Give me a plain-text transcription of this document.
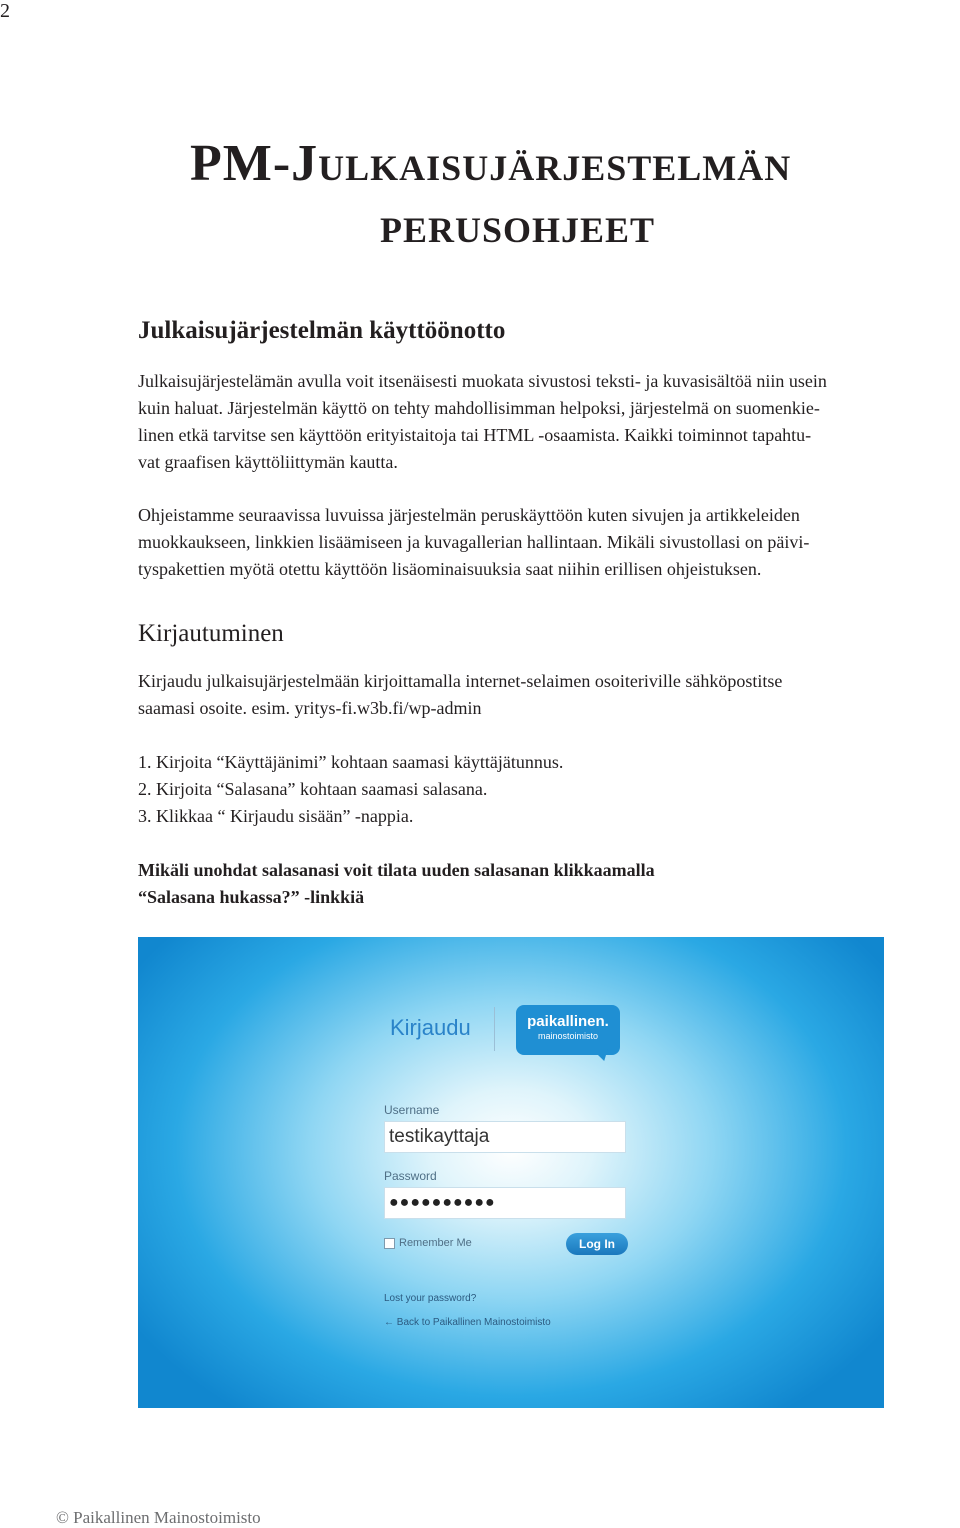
2
PM-Julkaisujärjestelmän
perusohjeet
Julkaisujärjestelmän käyttöönotto

Julkaisujärjestelämän avulla voit itsenäisesti muokata sivustosi teksti- ja kuvasisältöä niin usein
kuin haluat. Järjestelmän käyttö on tehty mahdollisimman helpoksi, järjestelmä on suomenkie-
linen etkä tarvitse sen käyttöön erityistaitoja tai HTML -osaamista. Kaikki toiminnot tapahtu-
vat graafisen käyttöliittymän kautta.

Ohjeistamme seuraavissa luvuissa järjestelmän peruskäyttöön kuten sivujen ja artikkeleiden
muokkaukseen, linkkien lisäämiseen ja kuvagallerian hallintaan. Mikäli sivustollasi on päivi-
tyspakettien myötä otettu käyttöön lisäominaisuuksia saat niihin erillisen ohjeistuksen.

Kirjautuminen

Kirjaudu julkaisujärjestelmään kirjoittamalla internet-selaimen osoiteriville sähköpostitse
saamasi osoite. esim. yritys-fi.w3b.fi/wp-admin

1. Kirjoita “Käyttäjänimi” kohtaan saamasi käyttäjätunnus.
2. Kirjoita “Salasana” kohtaan saamasi salasana.
3. Klikkaa “ Kirjaudu sisään” -nappia.
Mikäli unohdat salasanasi voit tilata uuden salasanan klikkaamalla
“Salasana hukassa?” -linkkiä
Kirjaudu	paikallinen.
mainostoimisto
Username
testikayttaja
Password
●●●●●●●●●●
Remember Me	Log In
Lost your password?
← Back to Paikallinen Mainostoimisto
© Paikallinen Mainostoimisto
